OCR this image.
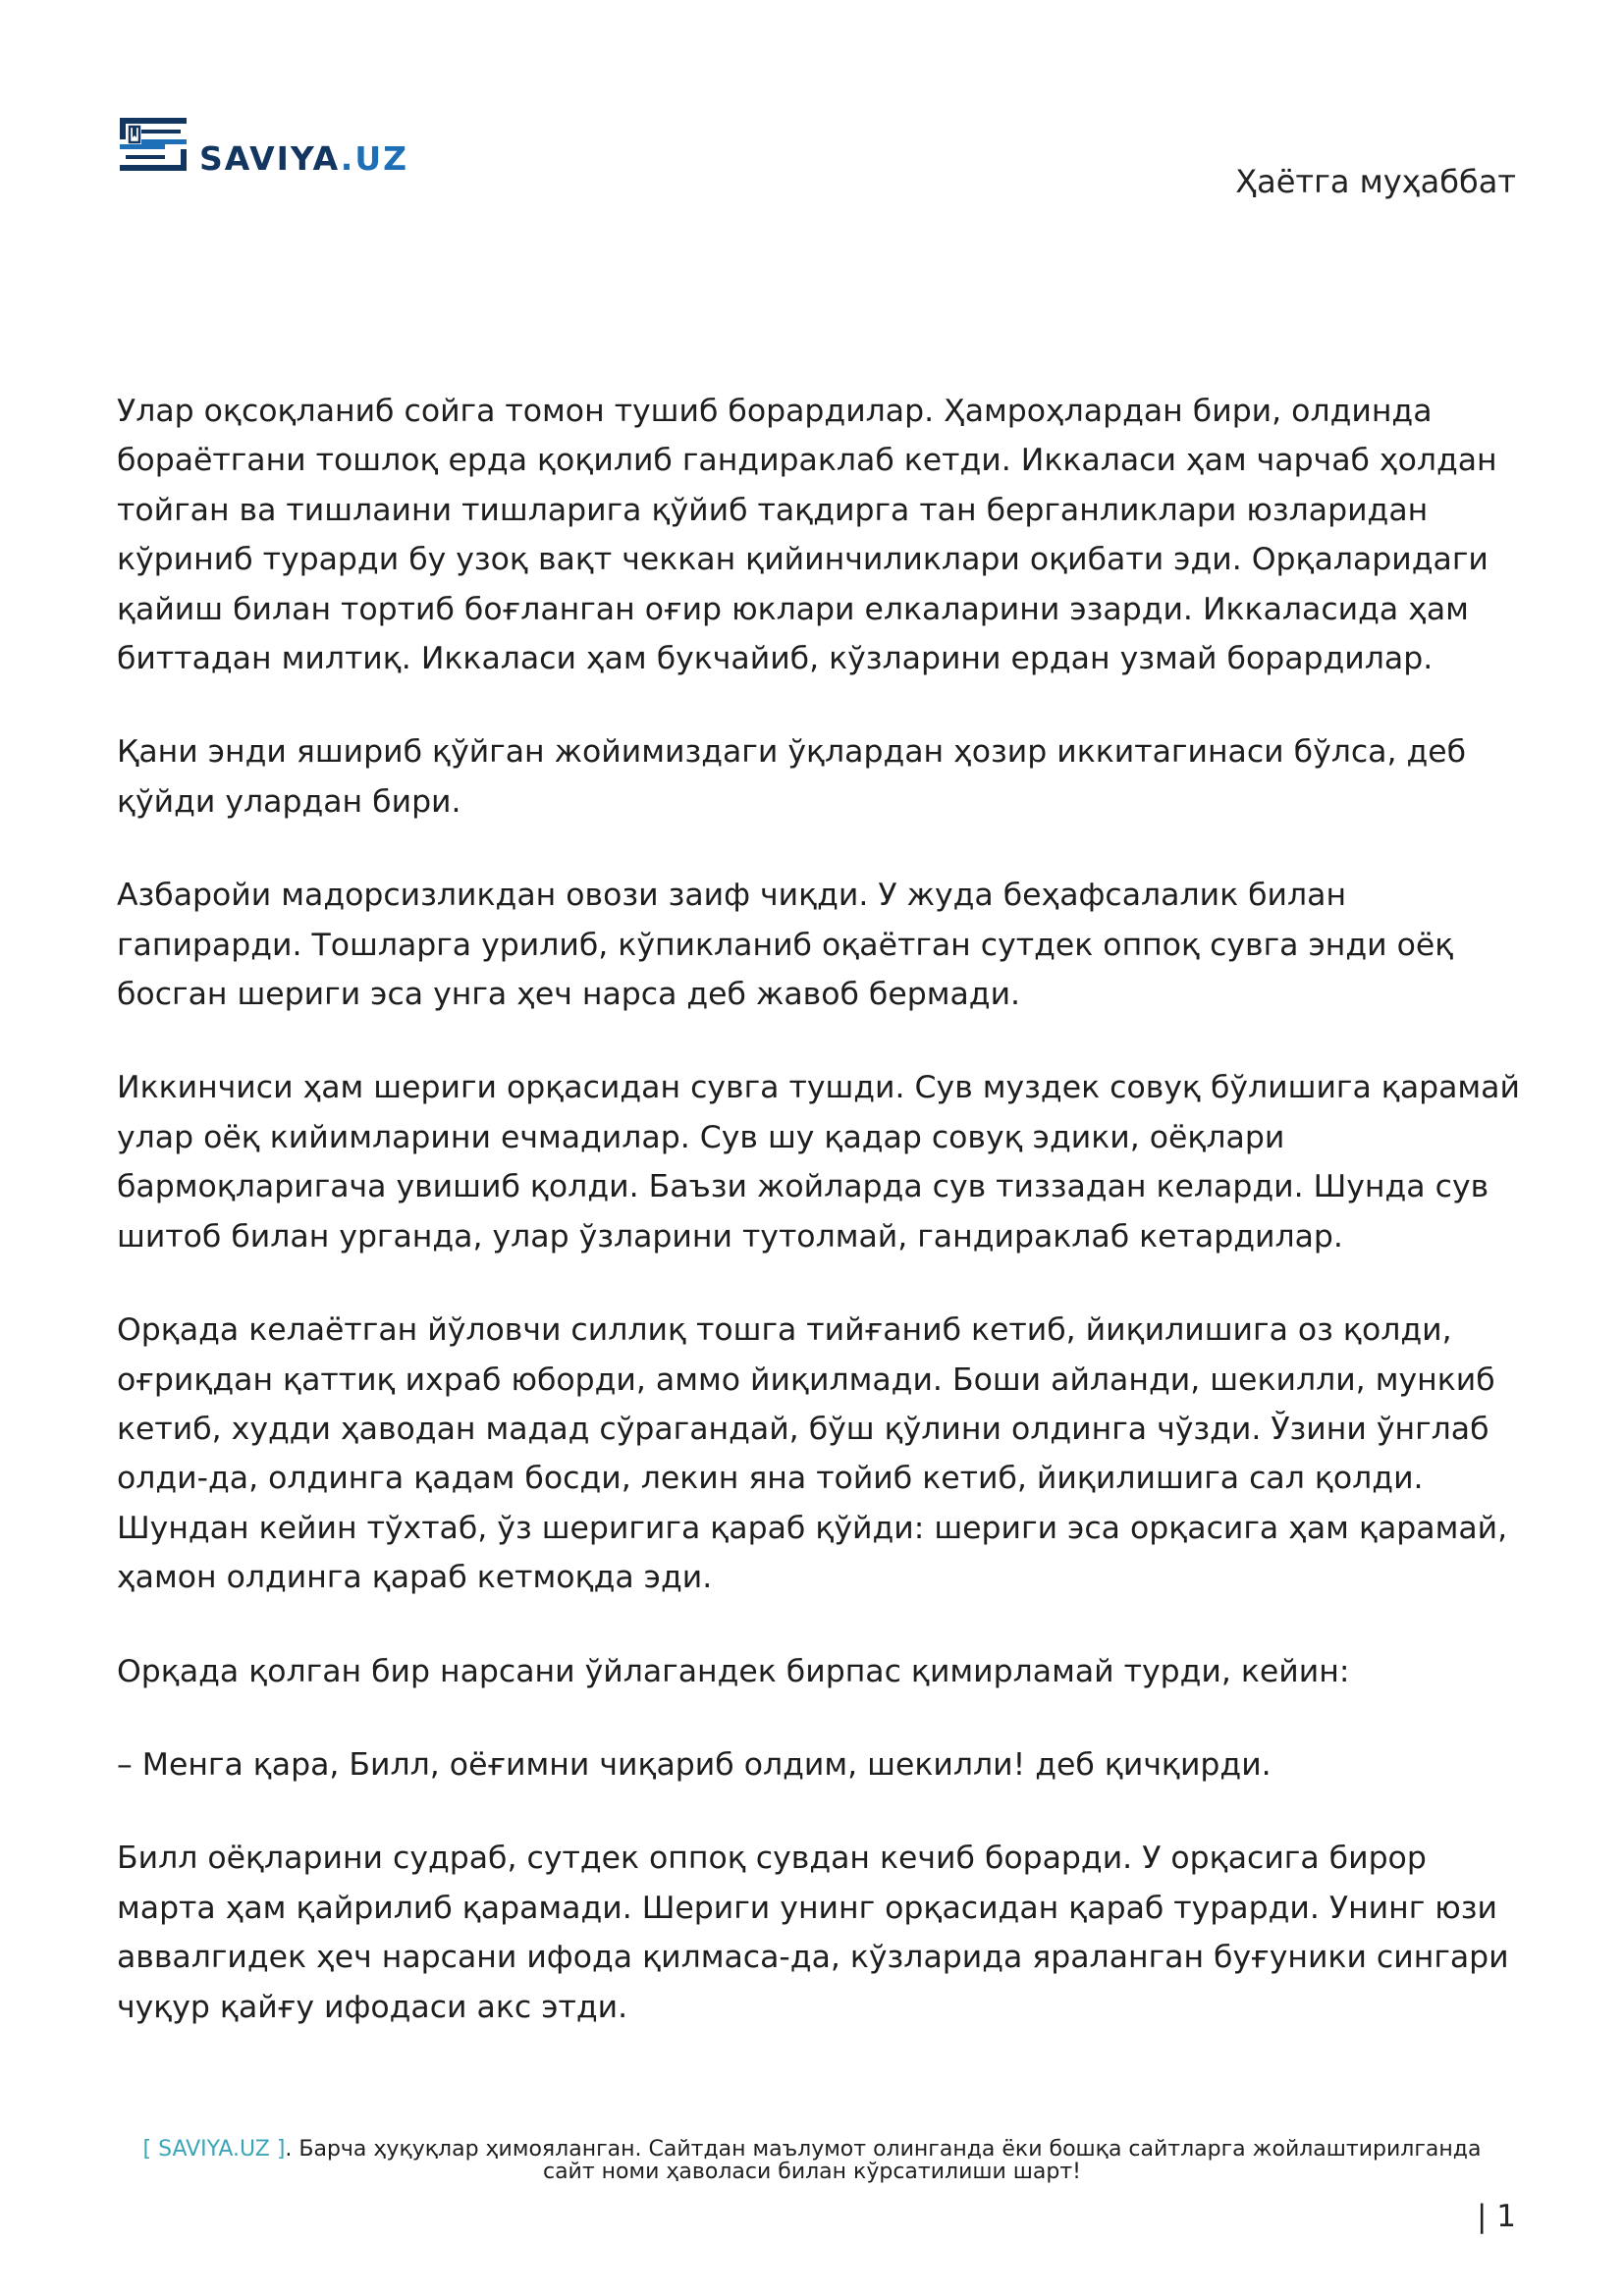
SAVIYA.UZ
Ҳаётга муҳаббат

Улар оқсоқланиб сойга томон тушиб борардилар. Ҳамроҳлардан бири, олдинда бораётгани тошлоқ ерда қоқилиб гандираклаб кетди. Иккаласи ҳам чарчаб ҳолдан тойган ва тишлаини тишларига қўйиб тақдирга тан берганликлари юзларидан кўриниб турарди бу узоқ вақт чеккан қийинчиликлари оқибати эди. Орқаларидаги қайиш билан тортиб боғланган оғир юклари елкаларини эзарди. Иккаласида ҳам биттадан милтиқ. Иккаласи ҳам букчайиб, кўзларини ердан узмай борардилар.

Қани энди яшириб қўйган жойимиздаги ўқлардан ҳозир иккитагинаси бўлса, деб қўйди улардан бири.

Азбаройи мадорсизликдан овози заиф чиқди. У жуда беҳафсалалик билан гапирарди. Тошларга урилиб, кўпикланиб оқаётган сутдек оппоқ сувга энди оёқ босган шериги эса унга ҳеч нарса деб жавоб бермади.

Иккинчиси ҳам шериги орқасидан сувга тушди. Сув муздек совуқ бўлишига қарамай улар оёқ кийимларини ечмадилар. Сув шу қадар совуқ эдики, оёқлари бармоқларигача увишиб қолди. Баъзи жойларда сув тиззадан келарди. Шунда сув шитоб билан урганда, улар ўзларини тутолмай, гандираклаб кетардилар.

Орқада келаётган йўловчи силлиқ тошга тийғаниб кетиб, йиқилишига оз қолди, оғриқдан қаттиқ ихраб юборди, аммо йиқилмади. Боши айланди, шекилли, мункиб кетиб, худди ҳаводан мадад сўрагандай, бўш қўлини олдинга чўзди. Ўзини ўнглаб олди-да, олдинга қадам босди, лекин яна тойиб кетиб, йиқилишига сал қолди. Шундан кейин тўхтаб, ўз шеригига қараб қўйди: шериги эса орқасига ҳам қарамай, ҳамон олдинга қараб кетмоқда эди.

Орқада қолган бир нарсани ўйлагандек бирпас қимирламай турди, кейин:

– Менга қара, Билл, оёғимни чиқариб олдим, шекилли! деб қичқирди.

Билл оёқларини судраб, сутдек оппоқ сувдан кечиб борарди. У орқасига бирор марта ҳам қайрилиб қарамади. Шериги унинг орқасидан қараб турарди. Унинг юзи аввалгидек ҳеч нарсани ифода қилмаса-да, кўзларида яраланган буғуники сингари чуқур қайғу ифодаси акс этди.

[ SAVIYA.UZ ]. Барча ҳуқуқлар ҳимояланган. Сайтдан маълумот олинганда ёки бошқа сайтларга жойлаштирилганда
сайт номи ҳаволаси билан кўрсатилиши шарт!
| 1
